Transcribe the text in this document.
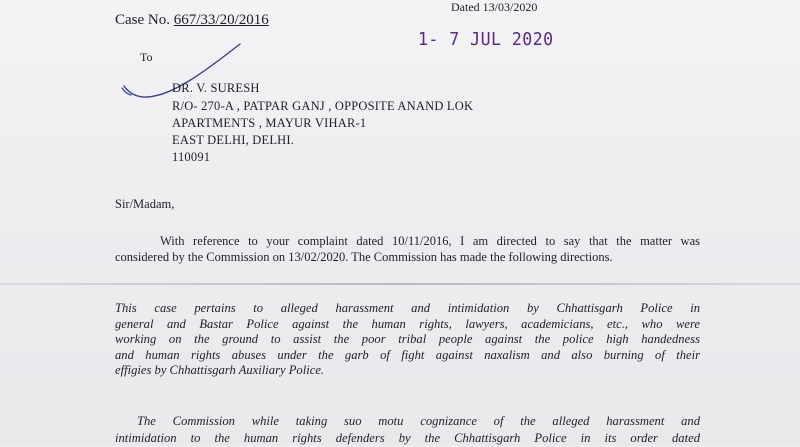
Case No. 667/33/20/2016
Dated 13/03/2020
1- 7 JUL 2020
To
DR. V. SURESH
R/O- 270-A , PATPAR GANJ , OPPOSITE ANAND LOK
APARTMENTS , MAYUR VIHAR-1
EAST DELHI, DELHI.
110091
Sir/Madam,
With reference to your complaint dated 10/11/2016, I am directed to say that the matter was
considered by the Commission on 13/02/2020. The Commission has made the following directions.
This case pertains to alleged harassment and intimidation by Chhattisgarh Police in
general and Bastar Police against the human rights, lawyers, academicians, etc., who were
working on the ground to assist the poor tribal people against the police high handedness
and human rights abuses under the garb of fight against naxalism and also burning of their
effigies by Chhattisgarh Auxiliary Police.
The Commission while taking suo motu cognizance of the alleged harassment and
intimidation to the human rights defenders by the Chhattisgarh Police in its order dated
